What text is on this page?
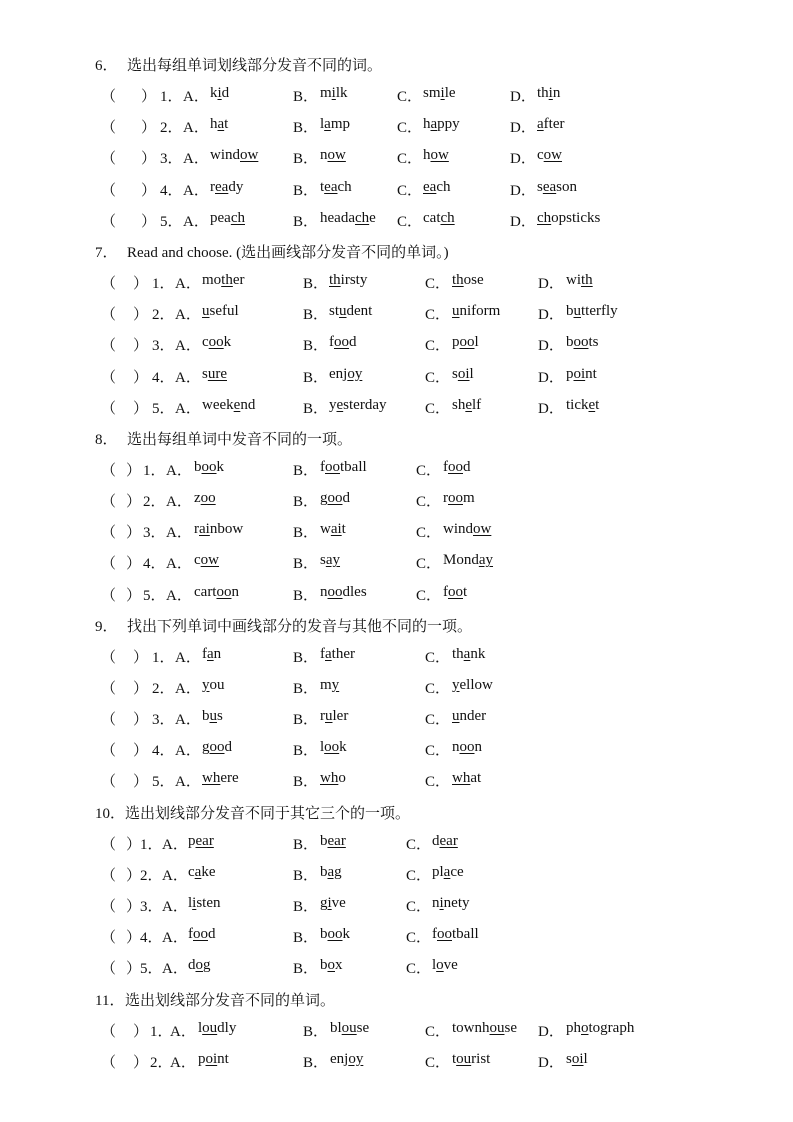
6． 选出每组单词划线部分发音不同的词。
（ ） 1． A． kid	B． milk	C． smile	D． thin
（ ） 2． A． hat	B． lamp	C． happy	D． after
（ ） 3． A． window B． now	C． how	D． cow
（ ） 4． A． ready	B． teach	C． each	D． season
（ ） 5． A． peach	B． headache C． catch	D． chopsticks
7． Read and choose. (选出画线部分发音不同的单词。)
（ ） 1． A． mother	B． thirsty	C． those	D． with
（ ） 2． A． useful	B． student	C． uniform	D． butterfly
（ ） 3． A． cook	B． food	C． pool	D． boots
（ ） 4． A． sure	B． enjoy	C． soil	D． point
（ ） 5． A． weekend	B． yesterday	C． shelf	D． ticket
8． 选出每组单词中发音不同的一项。
（ ） 1． A． book	B． football	C． food
（ ） 2． A． zoo	B． good	C． room
（ ） 3． A． rainbow	B． wait	C． window
（ ） 4． A． cow	B． say	C． Monday
（ ） 5． A． cartoon	B． noodles	C． foot
9． 找出下列单词中画线部分的发音与其他不同的一项。
（ ） 1． A． fan	B． father	C． thank
（ ） 2． A． you	B． my	C． yellow
（ ） 3． A． bus	B． ruler	C． under
（ ） 4． A． good	B． look	C． noon
（ ） 5． A． where	B． who	C． what
10． 选出划线部分发音不同于其它三个的一项。
（ ）
1． A． pear	B． bear	C． dear
（ ）
2． A． cake	B． bag	C． place
（ ）
3． A． listen	B． give	C． ninety
（ ）
4． A． food	B． book	C． football
（ ）
5． A． dog	B． box	C． love
11． 选出划线部分发音不同的单词。
（ ） 1．
A． loudly	B． blouse	C． townhouse D． photograph
（ ） 2．
A． point	B． enjoy	C． tourist	D． soil
